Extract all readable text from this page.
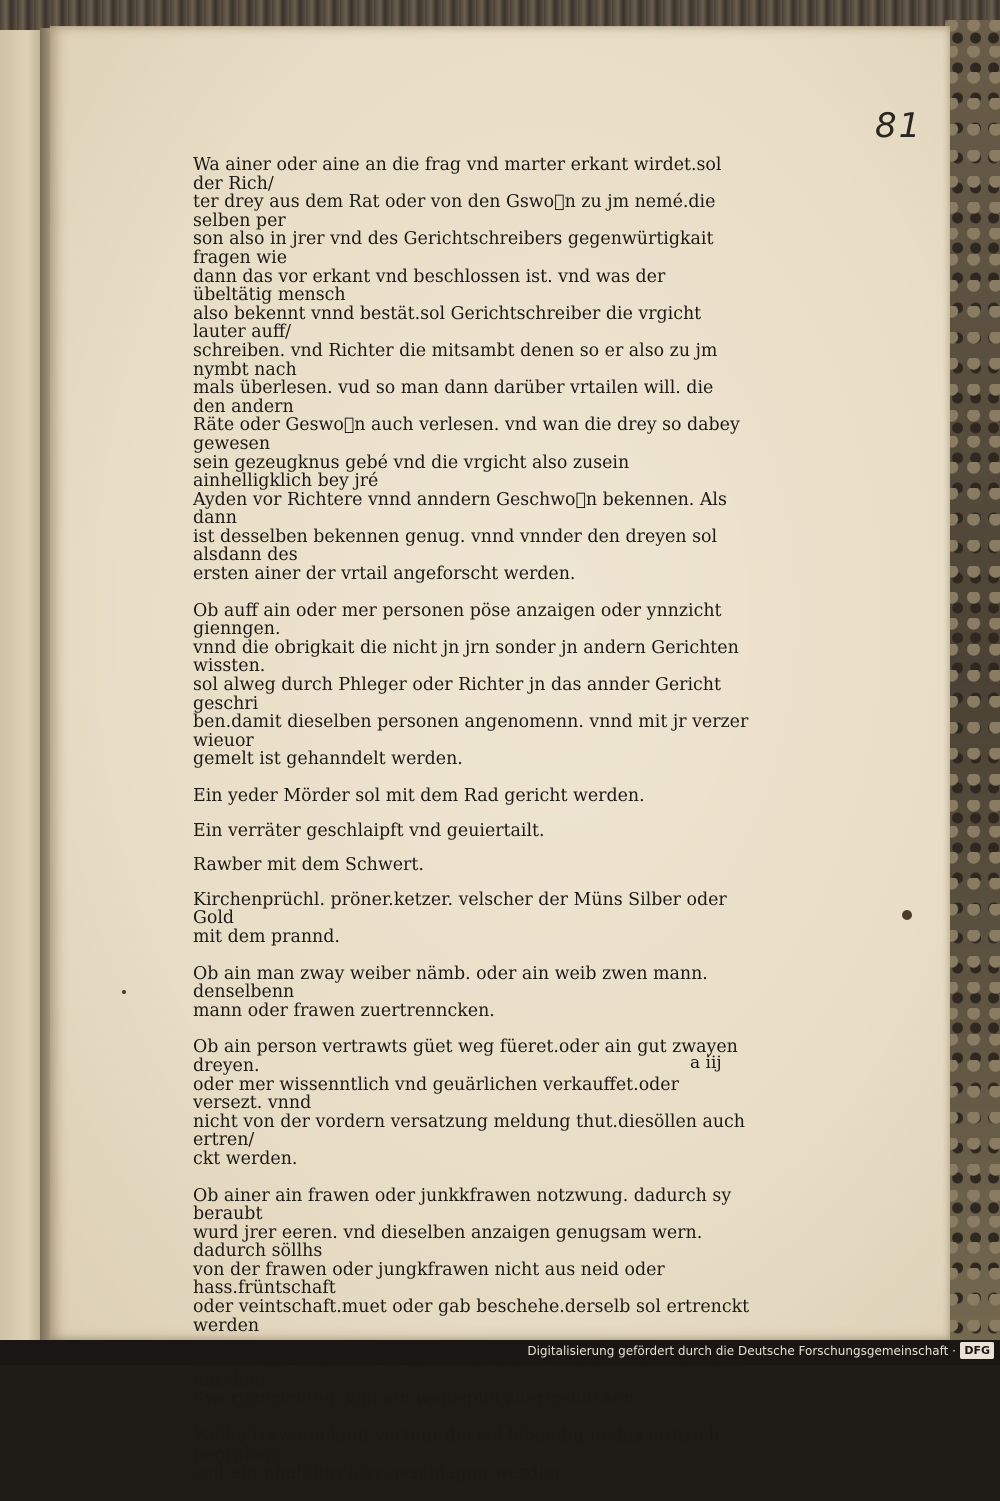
81

Wa ainer oder aine an die frag vnd marter erkant wirdet.sol der Rich/
ter drey aus dem Rat oder von den Gswo n zu jm nemé.die selben per
son also in jrer vnd des Gerichtschreibers gegenwürtigkait fragen wie
dann das vor erkant vnd beschlossen ist. vnd was der übeltätig mensch
also bekennt vnnd bestät.sol Gerichtschreiber die vrgicht lauter auff/
schreiben. vnd Richter die mitsambt denen so er also zu jm nymbt nach
mals überlesen. vud so man dann darüber vrtailen will. die den andern
Räte oder Geswo n auch verlesen. vnd wan die drey so dabey gewesen
sein gezeugknus gebé vnd die vrgicht also zusein ainhelligklich bey jré
Ayden vor Richtere vnnd anndern Geschwo n bekennen. Als dann
ist desselben bekennen genug. vnnd vnnder den dreyen sol alsdann des
ersten ainer der vrtail angeforscht werden.

Ob auff ain oder mer personen pöse anzaigen oder ynnzicht gienngen.
vnnd die obrigkait die nicht jn jrn sonder jn andern Gerichten wissten.
sol alweg durch Phleger oder Richter jn das annder Gericht geschri
ben.damit dieselben personen angenomenn. vnnd mit jr verzer wieuor
gemelt ist gehanndelt werden.

Ein yeder Mörder sol mit dem Rad gericht werden.

Ein verräter geschlaipft vnd geuiertailt.

Rawber mit dem Schwert.

Kirchenprüchl. pröner.ketzer. velscher der Müns Silber oder Gold
mit dem prannd.

Ob ain man zway weiber nämb. oder ain weib zwen mann. denselbenn
mann oder frawen zuertrenncken.

Ob ain person vertrawts güet weg füeret.oder ain gut zwayen dreyen.
oder mer wissenntlich vnd geuärlichen verkauffet.oder versezt. vnnd
nicht von der vordern versatzung meldung thut.diesöllen auch ertren/
ckt werden.

Ob ainer ain frawen oder junkkfrawen notzwung. dadurch sy beraubt
wurd jrer eeren. vnd dieselben anzaigen genugsam wern. dadurch söllhs
von der frawen oder jungkfrawen nicht aus neid oder hass.früntschaft
oder veintschaft.muet oder gab beschehe.derselb sol ertrenckt werden

mit dem
Swert zurichten. vnd ain weibspild zuertrenncken.

Welhe fraw ain kind verthut.die sol lebendig in das erdtrich begraben
vnd ain phal durch sy geschlagen werden.

a iij
Digitalisierung gefördert durch die Deutsche Forschungsgemeinschaft · DFG
